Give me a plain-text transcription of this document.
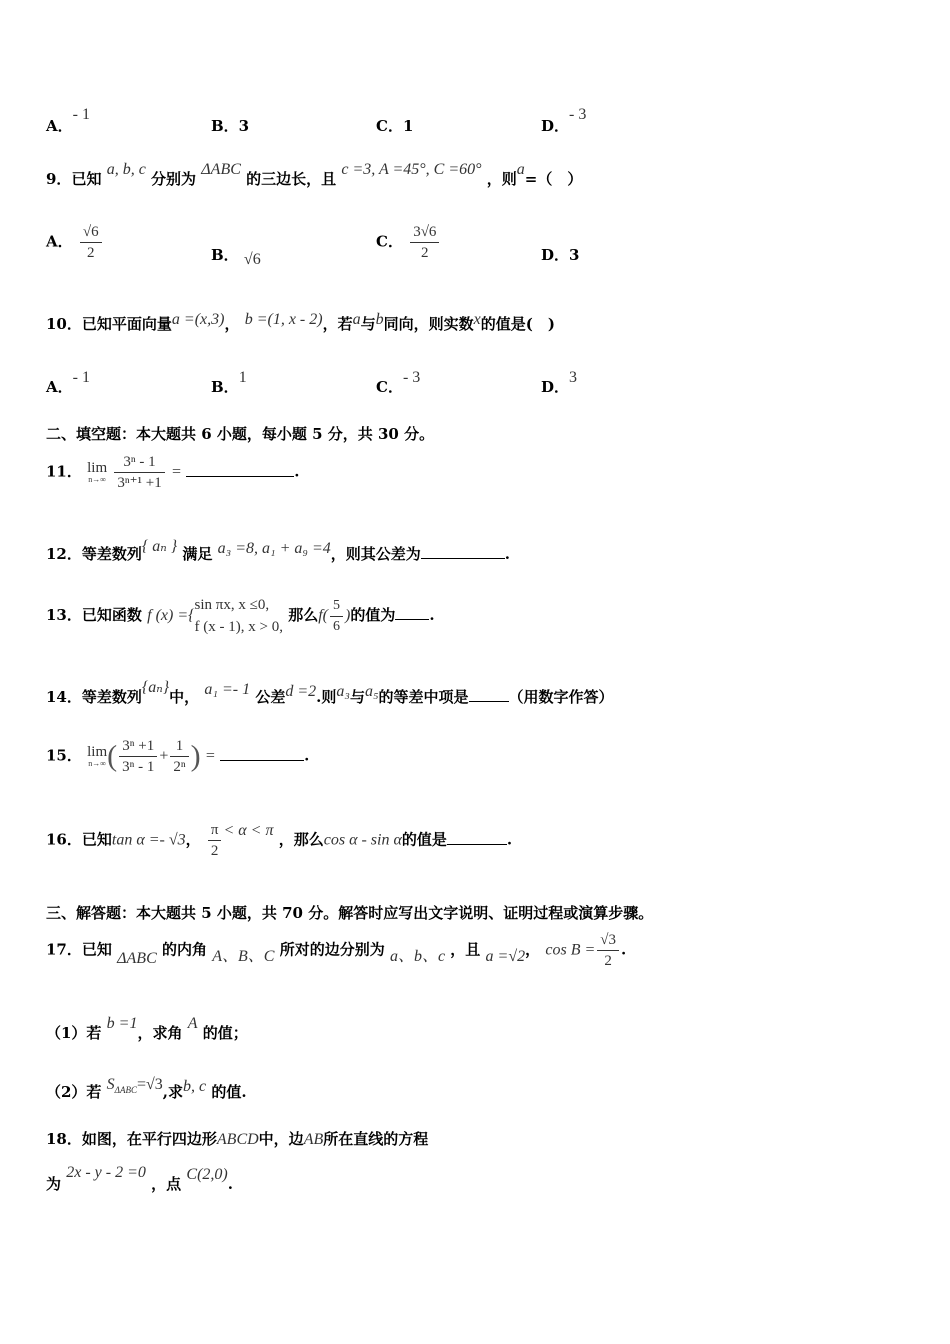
A．- 1
B．3	C．1	D．- 3
9．已知 a, b, c 分别为 ΔABC 的三边长，且 c =3, A =45°, C =60° ，则a=（　）
A． $\frac{√6}{2}$	B． √6
C． $\frac{3√6}{2}$	D．3
10．已知平面向量a =(x,3)， b =(1, x - 2)，若a与b同向，则实数x的值是(　)
A．- 1
B．1
C．- 3
D．3
二、填空题：本大题共 6 小题，每小题 5 分，共 30 分。
11． lim
n→∞
$\frac{\text{3ⁿ - 1}}{\text{3ⁿ⁺¹ +1}}$ =	.
12．等差数列{ aₙ } 满足 a₃ =8, a₁ + a₉ =4，则其公差为	.
13．已知函数 f (x) ={
sin πx, x ≤0,
f (x - 1), x > 0,
那么$f( \frac{5}{6}$ )的值为 .
14．等差数列{aₙ}中， a₁ =- 1 公差d =2.则a₃与a₅的等差中项是	（用数字作答）
15． lim
n→∞ ( $\frac{\text{3ⁿ +1}}{\text{3ⁿ - 1}} + \frac{1}{\text{2ⁿ}}$ ) =	.
16．已知tan α =- √3， $\frac{\pi}{2} < \alpha < \pi$ ，那么cos α - sin α的值是	.
三、解答题：本大题共 5 小题，共 70 分。解答时应写出文字说明、证明过程或演算步骤。
17．已知 ΔABC 的内角 A、B、C 所对的边分别为 a、b、c ，且 a =√2， $\cos B = \frac{√3}{2}$ .
（1）若 b =1，求角 A 的值；
（2）若 $S_{\Delta ABC}=√3$,求b, c 的值.
18．如图，在平行四边形ABCD中，边AB所在直线的方程
为 2x - y - 2 =0 ，点 C(2,0).
